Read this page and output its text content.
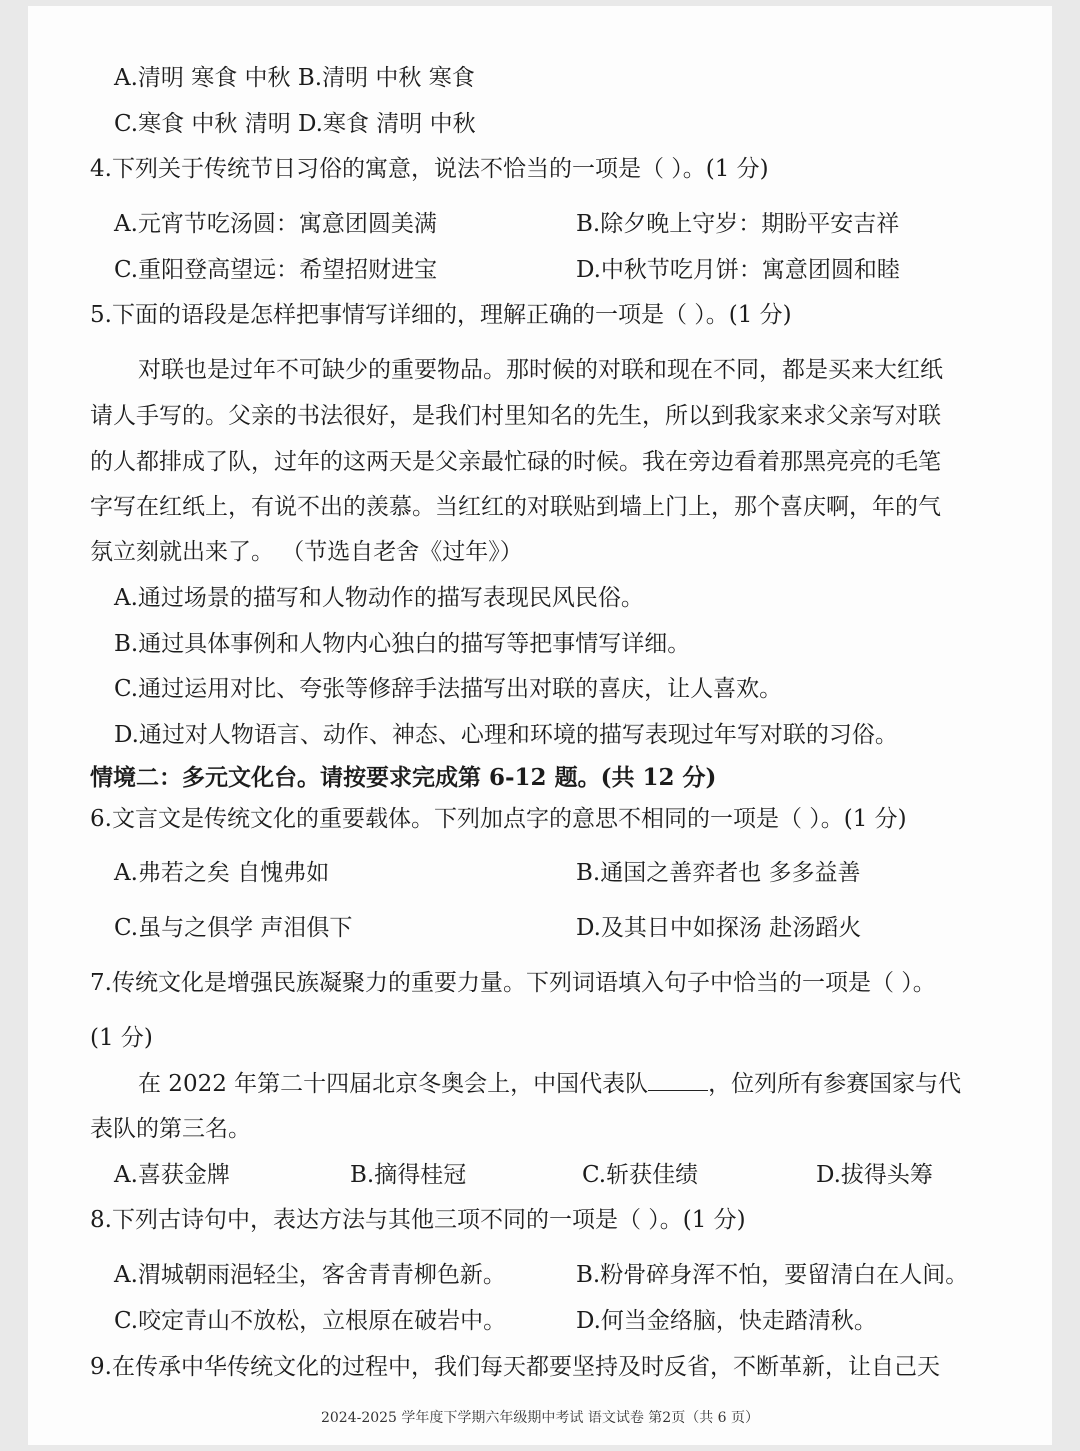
A.清明 寒食 中秋 B.清明 中秋 寒食
C.寒食 中秋 清明 D.寒食 清明 中秋
4.下列关于传统节日习俗的寓意，说法不恰当的一项是（ ）。(1 分)
A.元宵节吃汤圆：寓意团圆美满	B.除夕晚上守岁：期盼平安吉祥
C.重阳登高望远：希望招财进宝	D.中秋节吃月饼：寓意团圆和睦
5.下面的语段是怎样把事情写详细的，理解正确的一项是（ ）。(1 分)
对联也是过年不可缺少的重要物品。那时候的对联和现在不同，都是买来大红纸
请人手写的。父亲的书法很好，是我们村里知名的先生，所以到我家来求父亲写对联
的人都排成了队，过年的这两天是父亲最忙碌的时候。我在旁边看着那黑亮亮的毛笔
字写在红纸上，有说不出的羡慕。当红红的对联贴到墙上门上，那个喜庆啊，年的气
氛立刻就出来了。 （节选自老舍《过年》）
A.通过场景的描写和人物动作的描写表现民风民俗。
B.通过具体事例和人物内心独白的描写等把事情写详细。
C.通过运用对比、夸张等修辞手法描写出对联的喜庆，让人喜欢。
D.通过对人物语言、动作、神态、心理和环境的描写表现过年写对联的习俗。
情境二：多元文化台。请按要求完成第 6-12 题。(共 12 分)
6.文言文是传统文化的重要载体。下列加点字的意思不相同的一项是（ ）。(1 分)
A.弗若之矣 自愧弗如	B.通国之善弈者也 多多益善
C.虽与之俱学 声泪俱下	D.及其日中如探汤 赴汤蹈火
7.传统文化是增强民族凝聚力的重要力量。下列词语填入句子中恰当的一项是（ ）。
(1 分)
在 2022 年第二十四届北京冬奥会上，中国代表队	，位列所有参赛国家与代
表队的第三名。
A.喜获金牌	B.摘得桂冠	C.斩获佳绩	D.拔得头筹
8.下列古诗句中，表达方法与其他三项不同的一项是（ ）。(1 分)
A.渭城朝雨浥轻尘，客舍青青柳色新。	B.粉骨碎身浑不怕，要留清白在人间。
C.咬定青山不放松，立根原在破岩中。	D.何当金络脑，快走踏清秋。
9.在传承中华传统文化的过程中，我们每天都要坚持及时反省，不断革新，让自己天
2024-2025 学年度下学期六年级期中考试 语文试卷 第2页（共 6 页）
